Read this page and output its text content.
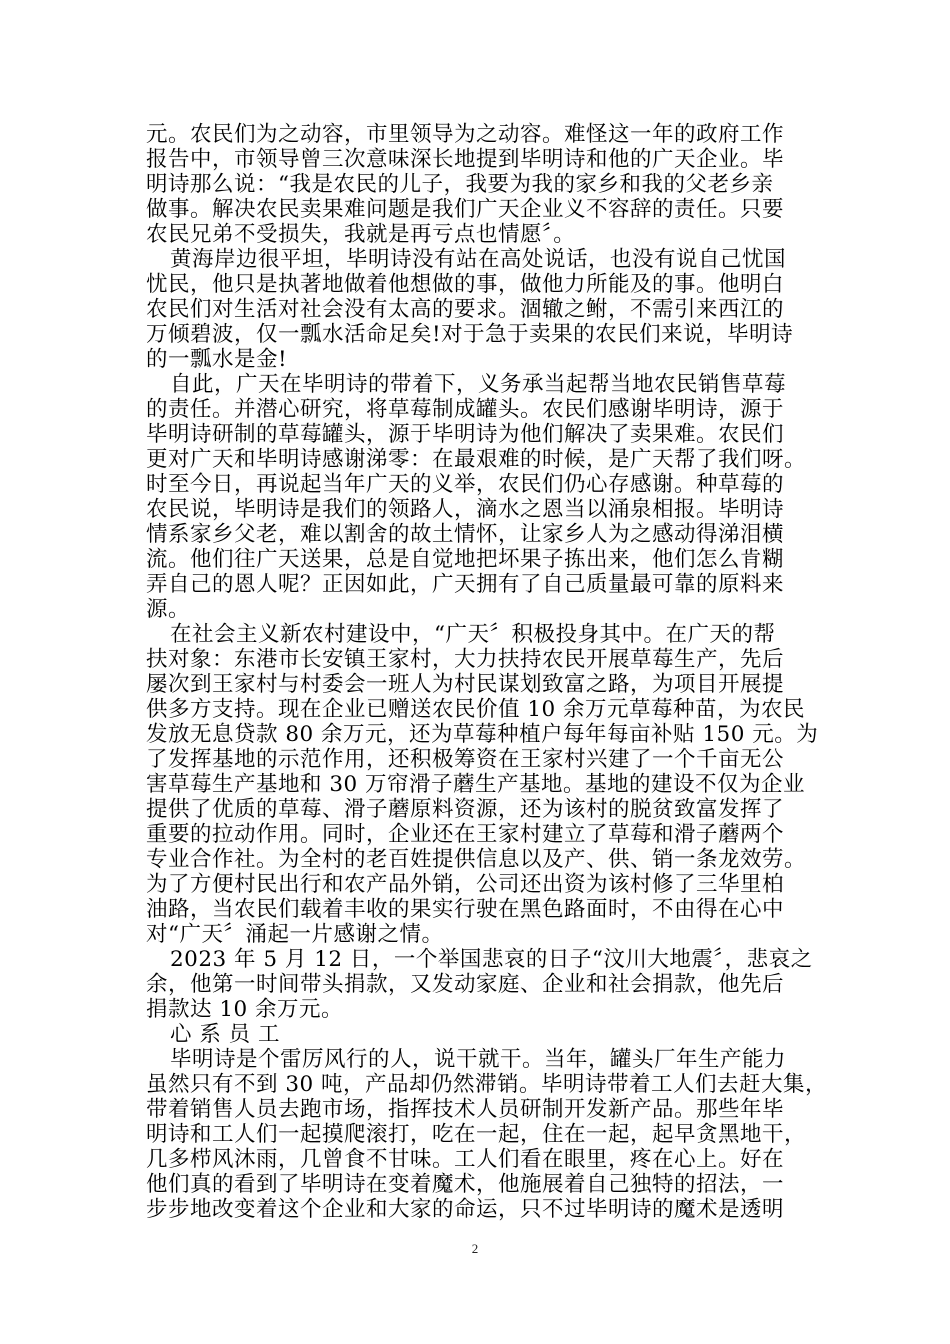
元。农民们为之动容，市里领导为之动容。难怪这一年的政府工作
报告中，市领导曾三次意味深长地提到毕明诗和他的广天企业。毕
明诗那么说：“我是农民的儿子，我要为我的家乡和我的父老乡亲
做事。解决农民卖果难问题是我们广天企业义不容辞的责任。只要
农民兄弟不受损失，我就是再亏点也情愿〞。
黄海岸边很平坦，毕明诗没有站在高处说话，也没有说自己忧国
忧民，他只是执著地做着他想做的事，做他力所能及的事。他明白
农民们对生活对社会没有太高的要求。涸辙之鲋，不需引来西江的
万倾碧波，仅一瓢水活命足矣!对于急于卖果的农民们来说，毕明诗
的一瓢水是金!
自此，广天在毕明诗的带着下，义务承当起帮当地农民销售草莓
的责任。并潜心研究，将草莓制成罐头。农民们感谢毕明诗，源于
毕明诗研制的草莓罐头，源于毕明诗为他们解决了卖果难。农民们
更对广天和毕明诗感谢涕零：在最艰难的时候，是广天帮了我们呀。
时至今日，再说起当年广天的义举，农民们仍心存感谢。种草莓的
农民说，毕明诗是我们的领路人，滴水之恩当以涌泉相报。毕明诗
情系家乡父老，难以割舍的故土情怀，让家乡人为之感动得涕泪横
流。他们往广天送果，总是自觉地把坏果子拣出来，他们怎么肯糊
弄自己的恩人呢？正因如此，广天拥有了自己质量最可靠的原料来
源。
在社会主义新农村建设中，“广天〞积极投身其中。在广天的帮
扶对象：东港市长安镇王家村，大力扶持农民开展草莓生产，先后
屡次到王家村与村委会一班人为村民谋划致富之路，为项目开展提
供多方支持。现在企业已赠送农民价值 10 余万元草莓种苗，为农民
发放无息贷款 80 余万元，还为草莓种植户每年每亩补贴 150 元。为
了发挥基地的示范作用，还积极筹资在王家村兴建了一个千亩无公
害草莓生产基地和 30 万帘滑子蘑生产基地。基地的建设不仅为企业
提供了优质的草莓、滑子蘑原料资源，还为该村的脱贫致富发挥了
重要的拉动作用。同时，企业还在王家村建立了草莓和滑子蘑两个
专业合作社。为全村的老百姓提供信息以及产、供、销一条龙效劳。
为了方便村民出行和农产品外销，公司还出资为该村修了三华里柏
油路，当农民们载着丰收的果实行驶在黑色路面时，不由得在心中
对“广天〞涌起一片感谢之情。
2023 年 5 月 12 日，一个举国悲哀的日子“汶川大地震〞，悲哀之
余，他第一时间带头捐款，又发动家庭、企业和社会捐款，他先后
捐款达 10 余万元。
心 系 员 工
毕明诗是个雷厉风行的人，说干就干。当年，罐头厂年生产能力
虽然只有不到 30 吨，产品却仍然滞销。毕明诗带着工人们去赶大集，
带着销售人员去跑市场，指挥技术人员研制开发新产品。那些年毕
明诗和工人们一起摸爬滚打，吃在一起，住在一起，起早贪黑地干，
几多栉风沐雨，几曾食不甘味。工人们看在眼里，疼在心上。好在
他们真的看到了毕明诗在变着魔术，他施展着自己独特的招法，一
步步地改变着这个企业和大家的命运，只不过毕明诗的魔术是透明
2
